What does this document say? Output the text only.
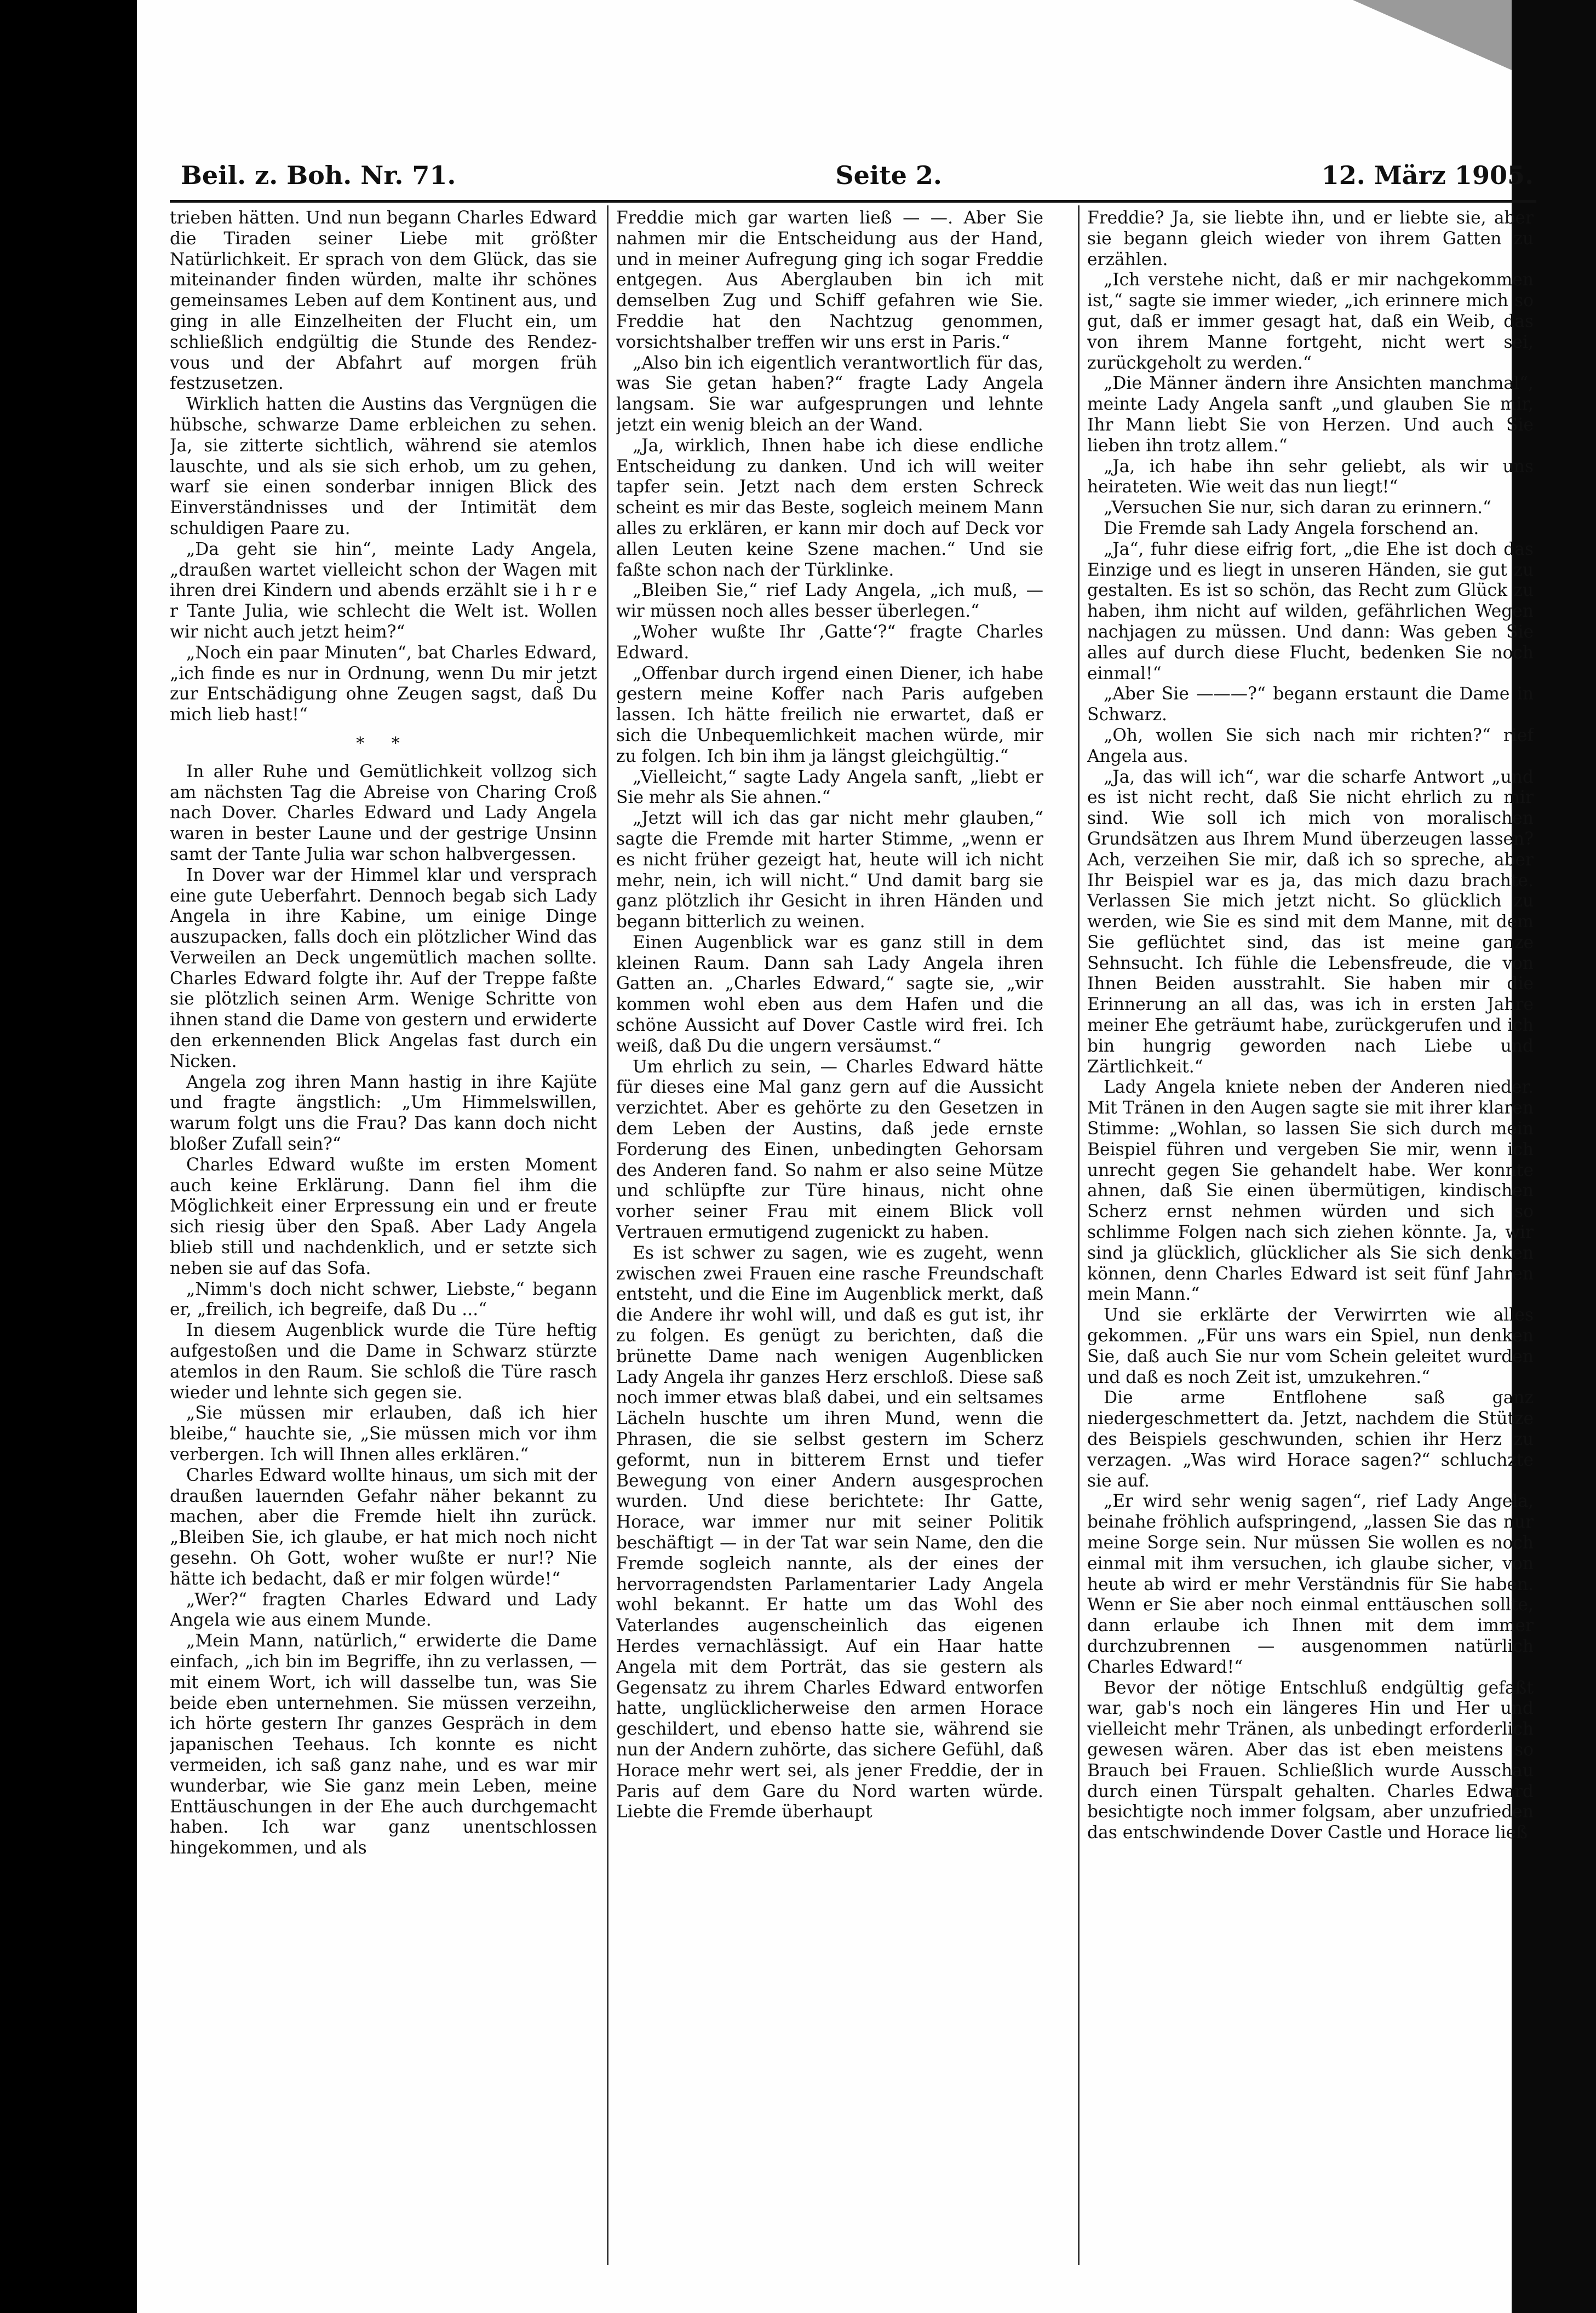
Beil. z. Boh. Nr. 71.	Seite 2.	12. März 1905.

trieben hätten. Und nun begann Charles Edward die Tiraden seiner Liebe mit größter Natürlichkeit. Er sprach von dem Glück, das sie miteinander finden würden, malte ihr schönes gemeinsames Leben auf dem Kontinent aus, und ging in alle Einzelheiten der Flucht ein, um schließlich endgültig die Stunde des Rendez-vous und der Abfahrt auf morgen früh festzusetzen.

Wirklich hatten die Austins das Vergnügen die hübsche, schwarze Dame erbleichen zu sehen. Ja, sie zitterte sichtlich, während sie atemlos lauschte, und als sie sich erhob, um zu gehen, warf sie einen sonderbar innigen Blick des Einverständnisses und der Intimität dem schuldigen Paare zu.

„Da geht sie hin“, meinte Lady Angela, „draußen wartet vielleicht schon der Wagen mit ihren drei Kindern und abends erzählt sie i h r e r Tante Julia, wie schlecht die Welt ist. Wollen wir nicht auch jetzt heim?“

„Noch ein paar Minuten“, bat Charles Edward, „ich finde es nur in Ordnung, wenn Du mir jetzt zur Entschädigung ohne Zeugen sagst, daß Du mich lieb hast!“

* *

In aller Ruhe und Gemütlichkeit vollzog sich am nächsten Tag die Abreise von Charing Croß nach Dover. Charles Edward und Lady Angela waren in bester Laune und der gestrige Unsinn samt der Tante Julia war schon halbvergessen.

In Dover war der Himmel klar und versprach eine gute Ueberfahrt. Dennoch begab sich Lady Angela in ihre Kabine, um einige Dinge auszupacken, falls doch ein plötzlicher Wind das Verweilen an Deck ungemütlich machen sollte. Charles Edward folgte ihr. Auf der Treppe faßte sie plötzlich seinen Arm. Wenige Schritte von ihnen stand die Dame von gestern und erwiderte den erkennenden Blick Angelas fast durch ein Nicken.

Angela zog ihren Mann hastig in ihre Kajüte und fragte ängstlich: „Um Himmelswillen, warum folgt uns die Frau? Das kann doch nicht bloßer Zufall sein?“

Charles Edward wußte im ersten Moment auch keine Erklärung. Dann fiel ihm die Möglichkeit einer Erpressung ein und er freute sich riesig über den Spaß. Aber Lady Angela blieb still und nachdenklich, und er setzte sich neben sie auf das Sofa.

„Nimm's doch nicht schwer, Liebste,“ begann er, „freilich, ich begreife, daß Du ...“

In diesem Augenblick wurde die Türe heftig aufgestoßen und die Dame in Schwarz stürzte atemlos in den Raum. Sie schloß die Türe rasch wieder und lehnte sich gegen sie.

„Sie müssen mir erlauben, daß ich hier bleibe,“ hauchte sie, „Sie müssen mich vor ihm verbergen. Ich will Ihnen alles erklären.“

Charles Edward wollte hinaus, um sich mit der draußen lauernden Gefahr näher bekannt zu machen, aber die Fremde hielt ihn zurück. „Bleiben Sie, ich glaube, er hat mich noch nicht gesehn. Oh Gott, woher wußte er nur!? Nie hätte ich bedacht, daß er mir folgen würde!“

„Wer?“ fragten Charles Edward und Lady Angela wie aus einem Munde.

„Mein Mann, natürlich,“ erwiderte die Dame einfach, „ich bin im Begriffe, ihn zu verlassen, — mit einem Wort, ich will dasselbe tun, was Sie beide eben unternehmen. Sie müssen verzeihn, ich hörte gestern Ihr ganzes Gespräch in dem japanischen Teehaus. Ich konnte es nicht vermeiden, ich saß ganz nahe, und es war mir wunderbar, wie Sie ganz mein Leben, meine Enttäuschungen in der Ehe auch durchgemacht haben. Ich war ganz unentschlossen hingekommen, und als

Freddie mich gar warten ließ — —. Aber Sie nahmen mir die Entscheidung aus der Hand, und in meiner Aufregung ging ich sogar Freddie entgegen. Aus Aberglauben bin ich mit demselben Zug und Schiff gefahren wie Sie. Freddie hat den Nachtzug genommen, vorsichtshalber treffen wir uns erst in Paris.“

„Also bin ich eigentlich verantwortlich für das, was Sie getan haben?“ fragte Lady Angela langsam. Sie war aufgesprungen und lehnte jetzt ein wenig bleich an der Wand.

„Ja, wirklich, Ihnen habe ich diese endliche Entscheidung zu danken. Und ich will weiter tapfer sein. Jetzt nach dem ersten Schreck scheint es mir das Beste, sogleich meinem Mann alles zu erklären, er kann mir doch auf Deck vor allen Leuten keine Szene machen.“ Und sie faßte schon nach der Türklinke.

„Bleiben Sie,“ rief Lady Angela, „ich muß, — wir müssen noch alles besser überlegen.“

„Woher wußte Ihr ,Gatte‘?“ fragte Charles Edward.

„Offenbar durch irgend einen Diener, ich habe gestern meine Koffer nach Paris aufgeben lassen. Ich hätte freilich nie erwartet, daß er sich die Unbequemlichkeit machen würde, mir zu folgen. Ich bin ihm ja längst gleichgültig.“

„Vielleicht,“ sagte Lady Angela sanft, „liebt er Sie mehr als Sie ahnen.“

„Jetzt will ich das gar nicht mehr glauben,“ sagte die Fremde mit harter Stimme, „wenn er es nicht früher gezeigt hat, heute will ich nicht mehr, nein, ich will nicht.“ Und damit barg sie ganz plötzlich ihr Gesicht in ihren Händen und begann bitterlich zu weinen.

Einen Augenblick war es ganz still in dem kleinen Raum. Dann sah Lady Angela ihren Gatten an. „Charles Edward,“ sagte sie, „wir kommen wohl eben aus dem Hafen und die schöne Aussicht auf Dover Castle wird frei. Ich weiß, daß Du die ungern versäumst.“

Um ehrlich zu sein, — Charles Edward hätte für dieses eine Mal ganz gern auf die Aussicht verzichtet. Aber es gehörte zu den Gesetzen in dem Leben der Austins, daß jede ernste Forderung des Einen, unbedingten Gehorsam des Anderen fand. So nahm er also seine Mütze und schlüpfte zur Türe hinaus, nicht ohne vorher seiner Frau mit einem Blick voll Vertrauen ermutigend zugenickt zu haben.

Es ist schwer zu sagen, wie es zugeht, wenn zwischen zwei Frauen eine rasche Freundschaft entsteht, und die Eine im Augenblick merkt, daß die Andere ihr wohl will, und daß es gut ist, ihr zu folgen. Es genügt zu berichten, daß die brünette Dame nach wenigen Augenblicken Lady Angela ihr ganzes Herz erschloß. Diese saß noch immer etwas blaß dabei, und ein seltsames Lächeln huschte um ihren Mund, wenn die Phrasen, die sie selbst gestern im Scherz geformt, nun in bitterem Ernst und tiefer Bewegung von einer Andern ausgesprochen wurden. Und diese berichtete: Ihr Gatte, Horace, war immer nur mit seiner Politik beschäftigt — in der Tat war sein Name, den die Fremde sogleich nannte, als der eines der hervorragendsten Parlamentarier Lady Angela wohl bekannt. Er hatte um das Wohl des Vaterlandes augenscheinlich das eigenen Herdes vernachlässigt. Auf ein Haar hatte Angela mit dem Porträt, das sie gestern als Gegensatz zu ihrem Charles Edward entworfen hatte, unglücklicherweise den armen Horace geschildert, und ebenso hatte sie, während sie nun der Andern zuhörte, das sichere Gefühl, daß Horace mehr wert sei, als jener Freddie, der in Paris auf dem Gare du Nord warten würde. Liebte die Fremde überhaupt

Freddie? Ja, sie liebte ihn, und er liebte sie, aber sie begann gleich wieder von ihrem Gatten zu erzählen.

„Ich verstehe nicht, daß er mir nachgekommen ist,“ sagte sie immer wieder, „ich erinnere mich so gut, daß er immer gesagt hat, daß ein Weib, das von ihrem Manne fortgeht, nicht wert sei, zurückgeholt zu werden.“

„Die Männer ändern ihre Ansichten manchmal“, meinte Lady Angela sanft „und glauben Sie mir, Ihr Mann liebt Sie von Herzen. Und auch Sie lieben ihn trotz allem.“

„Ja, ich habe ihn sehr geliebt, als wir uns heirateten. Wie weit das nun liegt!“

„Versuchen Sie nur, sich daran zu erinnern.“

Die Fremde sah Lady Angela forschend an.

„Ja“, fuhr diese eifrig fort, „die Ehe ist doch das Einzige und es liegt in unseren Händen, sie gut zu gestalten. Es ist so schön, das Recht zum Glück zu haben, ihm nicht auf wilden, gefährlichen Wegen nachjagen zu müssen. Und dann: Was geben Sie alles auf durch diese Flucht, bedenken Sie noch einmal!“

„Aber Sie ———?“ begann erstaunt die Dame in Schwarz.

„Oh, wollen Sie sich nach mir richten?“ rief Angela aus.

„Ja, das will ich“, war die scharfe Antwort „und es ist nicht recht, daß Sie nicht ehrlich zu mir sind. Wie soll ich mich von moralischen Grundsätzen aus Ihrem Mund überzeugen lassen? Ach, verzeihen Sie mir, daß ich so spreche, aber Ihr Beispiel war es ja, das mich dazu brachte. Verlassen Sie mich jetzt nicht. So glücklich zu werden, wie Sie es sind mit dem Manne, mit dem Sie geflüchtet sind, das ist meine ganze Sehnsucht. Ich fühle die Lebensfreude, die von Ihnen Beiden ausstrahlt. Sie haben mir die Erinnerung an all das, was ich in ersten Jahre meiner Ehe geträumt habe, zurückgerufen und ich bin hungrig geworden nach Liebe und Zärtlichkeit.“

Lady Angela kniete neben der Anderen nieder. Mit Tränen in den Augen sagte sie mit ihrer klaren Stimme: „Wohlan, so lassen Sie sich durch mein Beispiel führen und vergeben Sie mir, wenn ich unrecht gegen Sie gehandelt habe. Wer konnte ahnen, daß Sie einen übermütigen, kindischen Scherz ernst nehmen würden und sich so schlimme Folgen nach sich ziehen könnte. Ja, wir sind ja glücklich, glücklicher als Sie sich denken können, denn Charles Edward ist seit fünf Jahren mein Mann.“

Und sie erklärte der Verwirrten wie alles gekommen. „Für uns wars ein Spiel, nun denken Sie, daß auch Sie nur vom Schein geleitet wurden und daß es noch Zeit ist, umzukehren.“

Die arme Entflohene saß ganz niedergeschmettert da. Jetzt, nachdem die Stütze des Beispiels geschwunden, schien ihr Herz zu verzagen. „Was wird Horace sagen?“ schluchzte sie auf.

„Er wird sehr wenig sagen“, rief Lady Angela, beinahe fröhlich aufspringend, „lassen Sie das nur meine Sorge sein. Nur müssen Sie wollen es noch einmal mit ihm versuchen, ich glaube sicher, von heute ab wird er mehr Verständnis für Sie haben. Wenn er Sie aber noch einmal enttäuschen sollte, dann erlaube ich Ihnen mit dem immer durchzubrennen — ausgenommen natürlich Charles Edward!“

Bevor der nötige Entschluß endgültig gefaßt war, gab's noch ein längeres Hin und Her und vielleicht mehr Tränen, als unbedingt erforderlich gewesen wären. Aber das ist eben meistens so Brauch bei Frauen. Schließlich wurde Ausschau durch einen Türspalt gehalten. Charles Edward besichtigte noch immer folgsam, aber unzufrieden das entschwindende Dover Castle und Horace ließ
